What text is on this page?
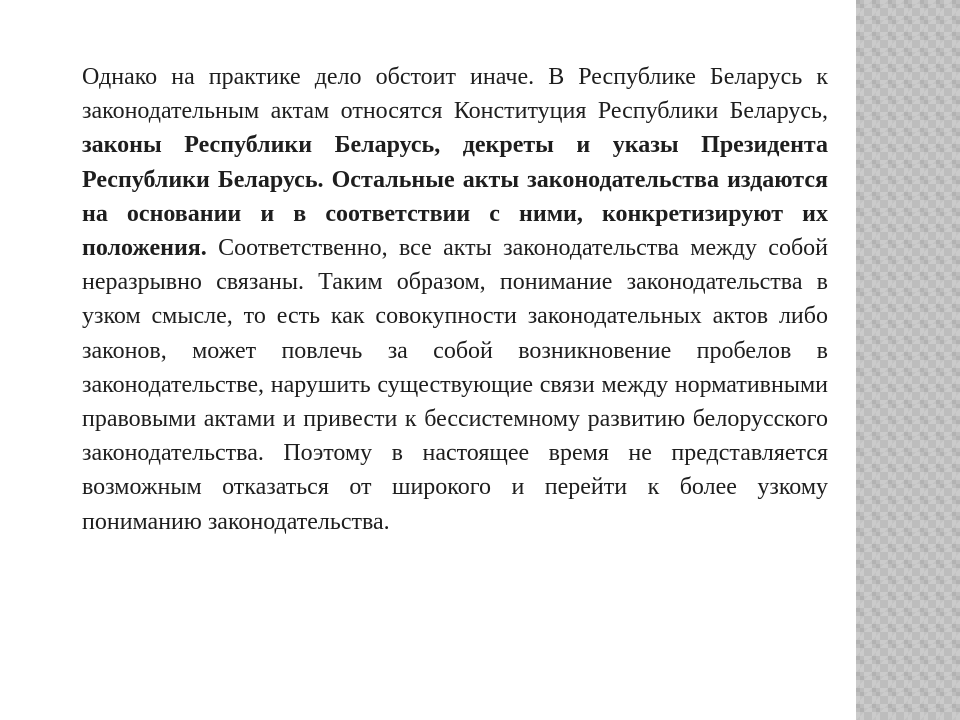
Однако на практике дело обстоит иначе. В Республике Беларусь к законодательным актам относятся Конституция Республики Беларусь, законы Республики Беларусь, декреты и указы Президента Республики Беларусь. Остальные акты законодательства издаются на основании и в соответствии с ними, конкретизируют их положения. Соответственно, все акты законодательства между собой неразрывно связаны. Таким образом, понимание законодательства в узком смысле, то есть как совокупности законодательных актов либо законов, может повлечь за собой возникновение пробелов в законодательстве, нарушить существующие связи между нормативными правовыми актами и привести к бессистемному развитию белорусского законодательства. Поэтому в настоящее время не представляется возможным отказаться от широкого и перейти к более узкому пониманию законодательства.
